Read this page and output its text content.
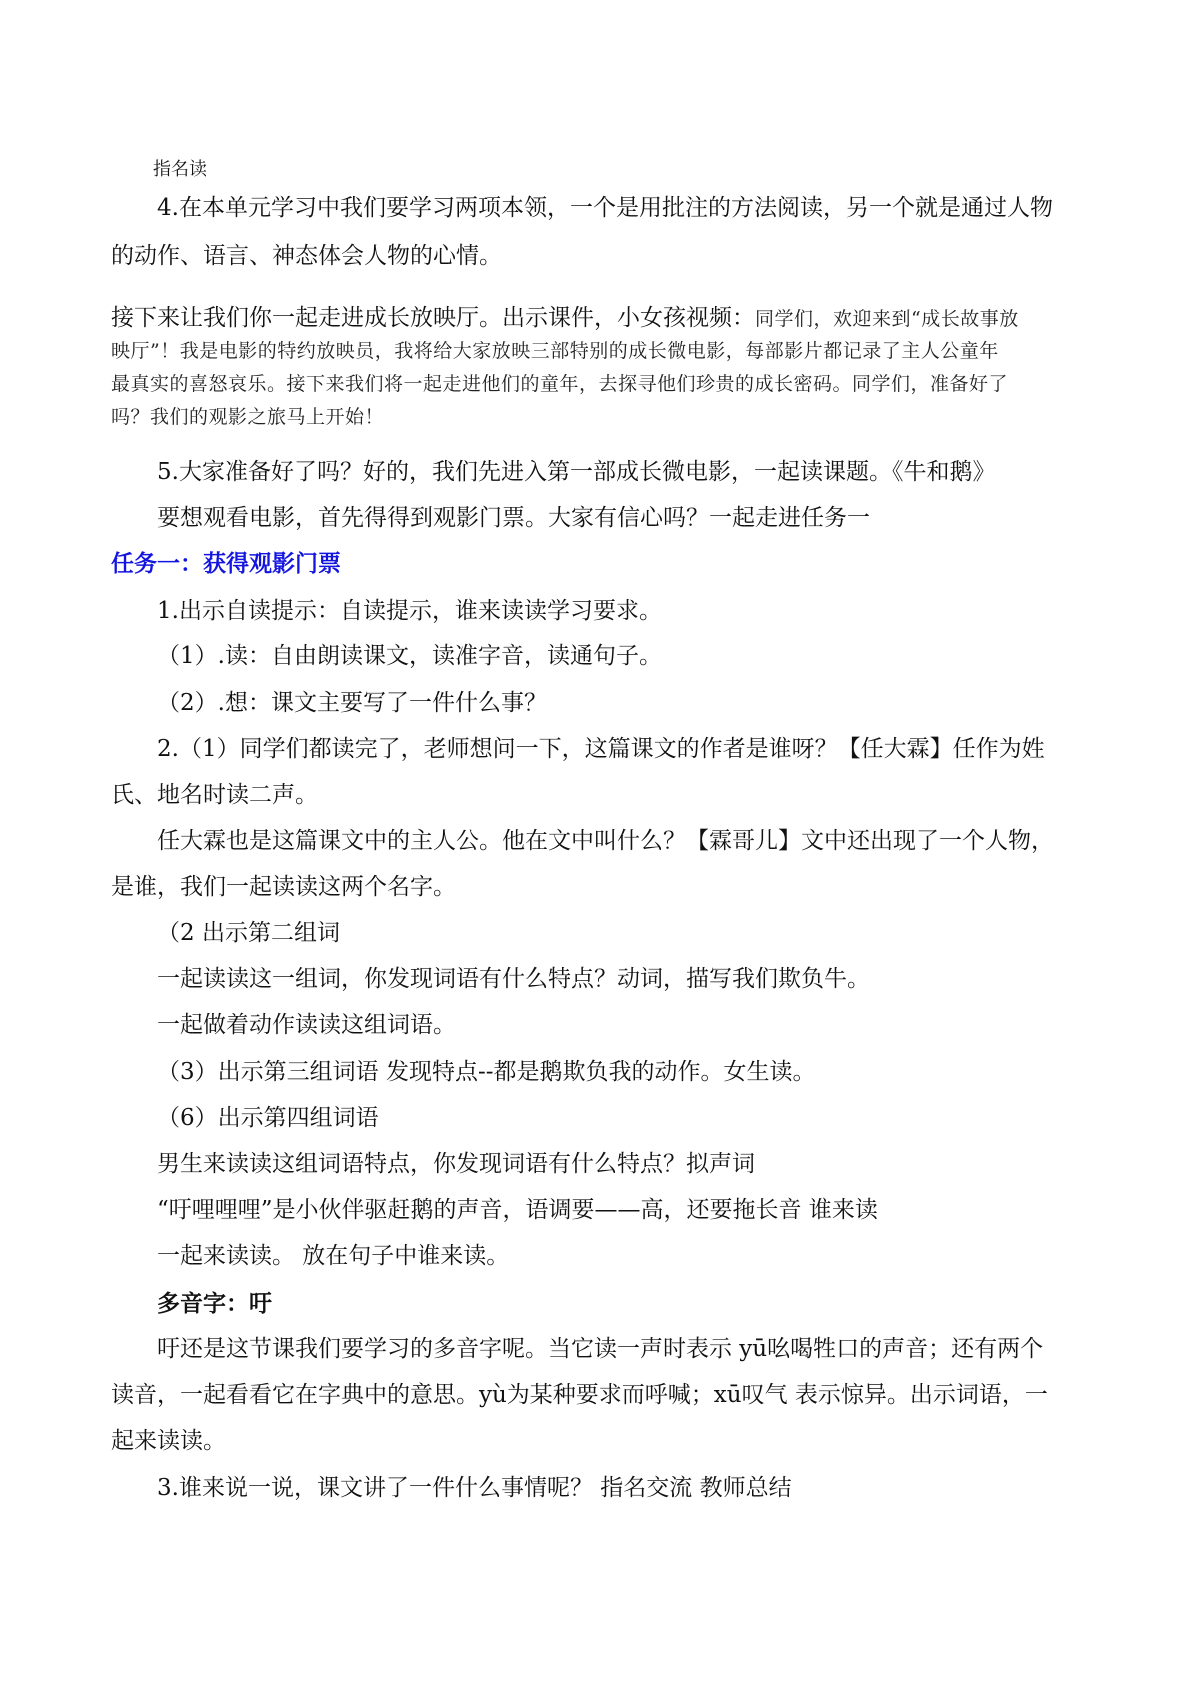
指名读
4.在本单元学习中我们要学习两项本领，一个是用批注的方法阅读，另一个就是通过人物
的动作、语言、神态体会人物的心情。
接下来让我们你一起走进成长放映厅。出示课件，小女孩视频：同学们，欢迎来到“成长故事放
映厅”！我是电影的特约放映员，我将给大家放映三部特别的成长微电影，每部影片都记录了主人公童年
最真实的喜怒哀乐。接下来我们将一起走进他们的童年，去探寻他们珍贵的成长密码。同学们，准备好了
吗？我们的观影之旅马上开始！
5.大家准备好了吗？好的，我们先进入第一部成长微电影，一起读课题。《牛和鹅》
要想观看电影，首先得得到观影门票。大家有信心吗？一起走进任务一
任务一：获得观影门票
1.出示自读提示：自读提示，谁来读读学习要求。
（1）.读：自由朗读课文，读准字音，读通句子。
（2）.想：课文主要写了一件什么事？
2.（1）同学们都读完了，老师想问一下，这篇课文的作者是谁呀？【任大霖】任作为姓
氏、地名时读二声。
任大霖也是这篇课文中的主人公。他在文中叫什么？【霖哥儿】文中还出现了一个人物，
是谁，我们一起读读这两个名字。
（2 出示第二组词
一起读读这一组词，你发现词语有什么特点？动词，描写我们欺负牛。
一起做着动作读读这组词语。
（3）出示第三组词语 发现特点--都是鹅欺负我的动作。女生读。
（6）出示第四组词语
男生来读读这组词语特点，你发现词语有什么特点？拟声词
“吁哩哩哩”是小伙伴驱赶鹅的声音，语调要——高，还要拖长音 谁来读
一起来读读。 放在句子中谁来读。
多音字：吁
吁还是这节课我们要学习的多音字呢。当它读一声时表示 yū吆喝牲口的声音；还有两个
读音，一起看看它在字典中的意思。yù为某种要求而呼喊；xū叹气 表示惊异。出示词语，一
起来读读。
3.谁来说一说，课文讲了一件什么事情呢？ 指名交流 教师总结
